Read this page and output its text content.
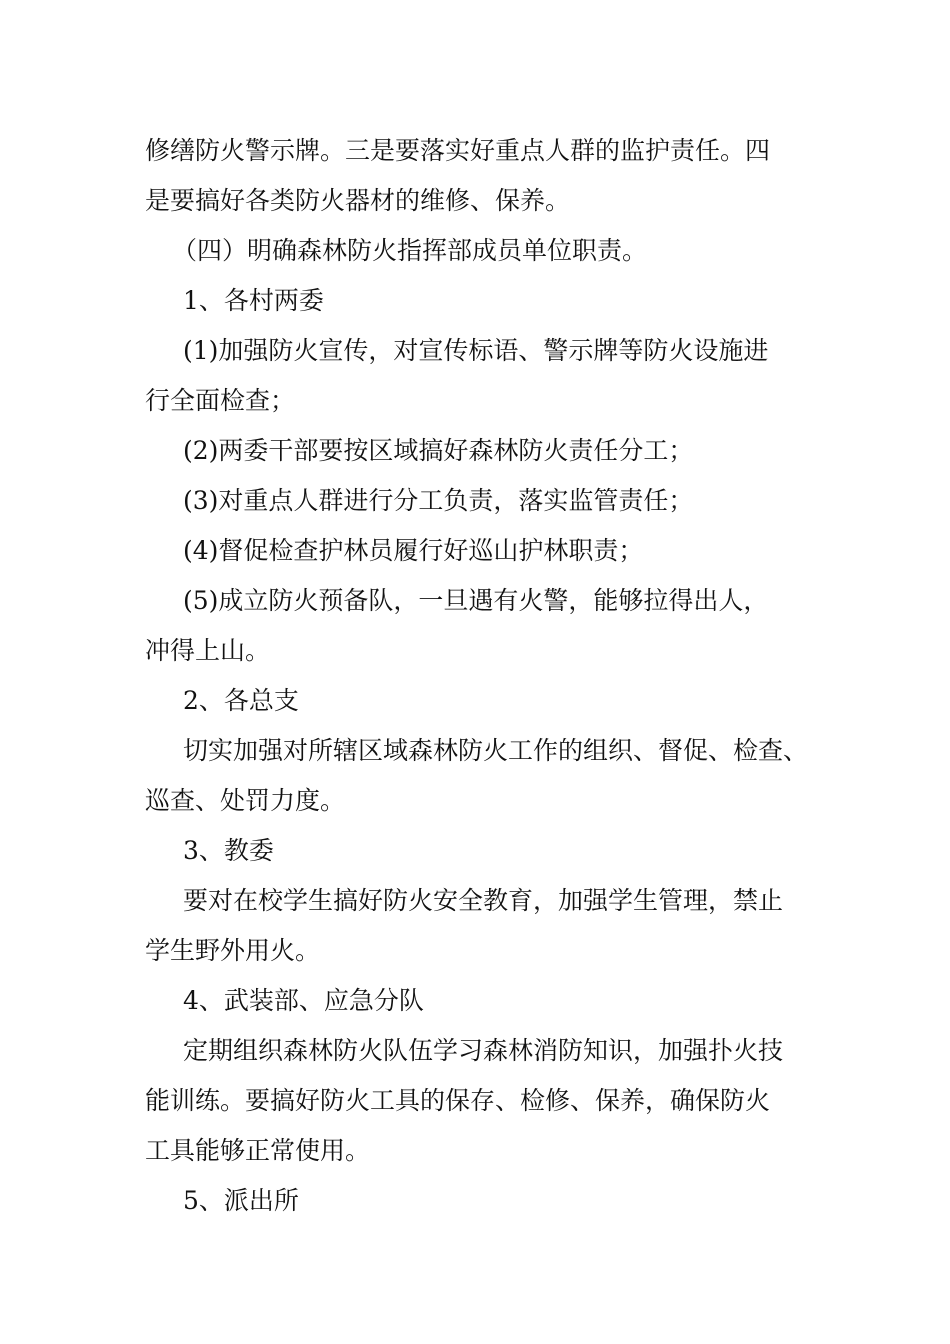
修缮防火警示牌。三是要落实好重点人群的监护责任。四
是要搞好各类防火器材的维修、保养。
（四）明确森林防火指挥部成员单位职责。
1、各村两委
(1)加强防火宣传，对宣传标语、警示牌等防火设施进
行全面检查；
(2)两委干部要按区域搞好森林防火责任分工；
(3)对重点人群进行分工负责，落实监管责任；
(4)督促检查护林员履行好巡山护林职责；
(5)成立防火预备队，一旦遇有火警，能够拉得出人，
冲得上山。
2、各总支
切实加强对所辖区域森林防火工作的组织、督促、检查、
巡查、处罚力度。
3、教委
要对在校学生搞好防火安全教育，加强学生管理，禁止
学生野外用火。
4、武装部、应急分队
定期组织森林防火队伍学习森林消防知识，加强扑火技
能训练。要搞好防火工具的保存、检修、保养，确保防火
工具能够正常使用。
5、派出所
